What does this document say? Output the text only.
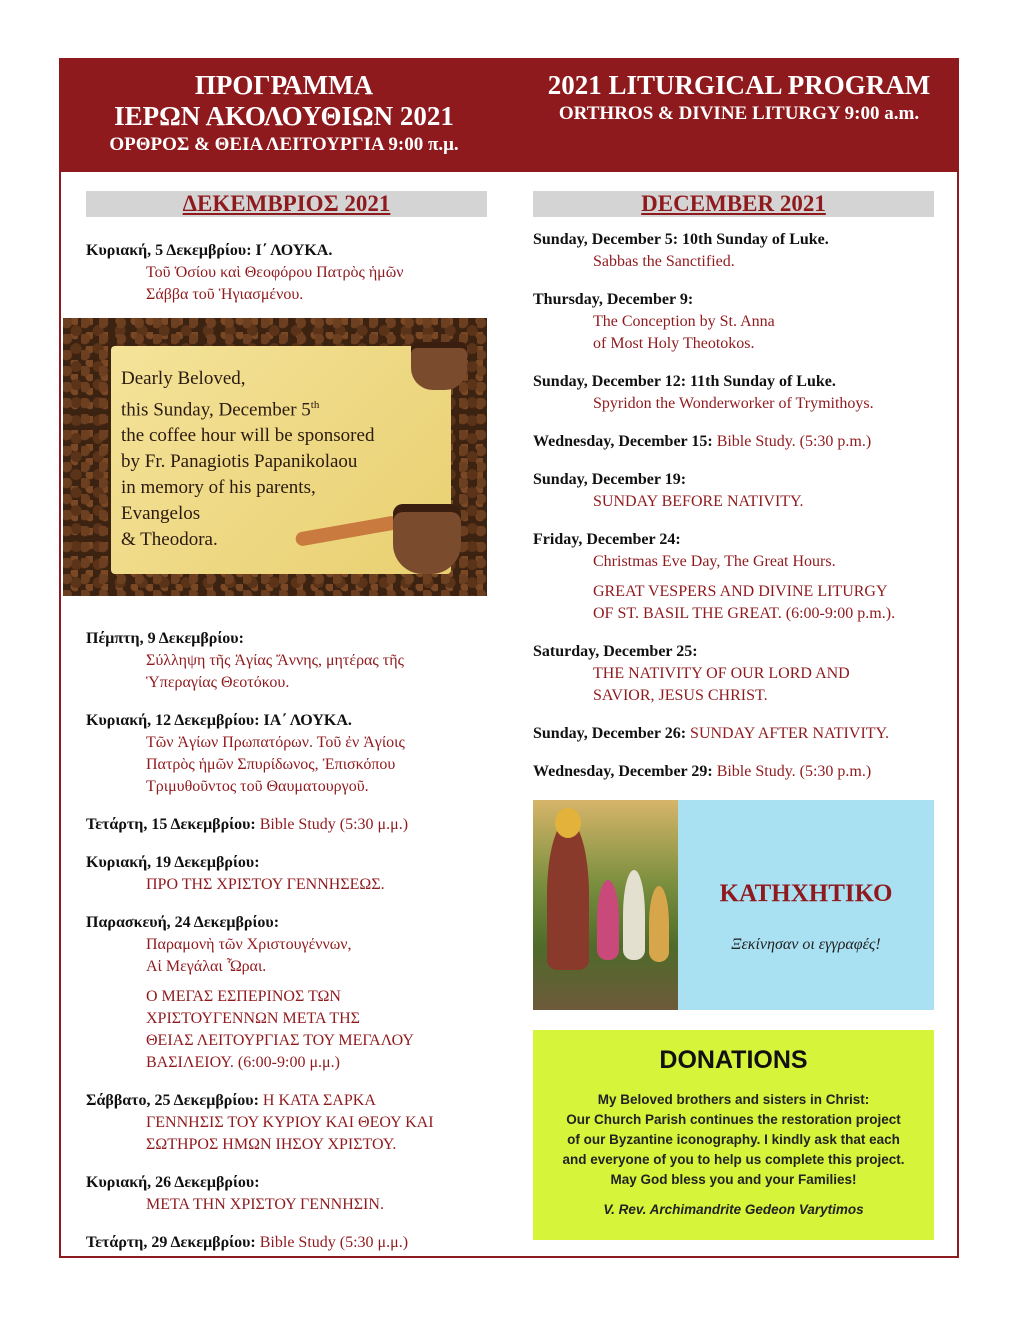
ΠΡΟΓΡΑΜΜΑ
ΙΕΡΩΝ ΑΚΟΛΟΥΘΙΩΝ 2021
ΟΡΘΡΟΣ & ΘΕΙΑ ΛΕΙΤΟΥΡΓΙΑ 9:00 π.μ.
2021 LITURGICAL PROGRAM
ORTHROS & DIVINE LITURGY 9:00 a.m.
ΔΕΚΕΜΒΡΙΟΣ 2021
Κυριακή, 5 Δεκεμβρίου: Ι΄ ΛΟΥΚΑ.
Τοῦ Ὁσίου καὶ Θεοφόρου Πατρὸς ἡμῶν
Σάββα τοῦ Ἡγιασμένου.
Dearly Beloved,
this Sunday, December 5th
the coffee hour will be sponsored
by Fr. Panagiotis Papanikolaou
in memory of his parents,
Evangelos
& Theodora.
Πέμπτη, 9 Δεκεμβρίου:
Σύλληψη τῆς Ἁγίας Ἄννης, μητέρας τῆς
Ὑπεραγίας Θεοτόκου.
Κυριακή, 12 Δεκεμβρίου: ΙΑ΄ ΛΟΥΚΑ.
Τῶν Ἁγίων Πρωπατόρων. Τοῦ ἐν Ἁγίοις
Πατρὸς ἡμῶν Σπυρίδωνος, Ἐπισκόπου
Τριμυθοῦντος τοῦ Θαυματουργοῦ.
Τετάρτη, 15 Δεκεμβρίου: Bible Study (5:30 μ.μ.)
Κυριακή, 19 Δεκεμβρίου:
ΠΡΟ ΤΗΣ ΧΡΙΣΤΟΥ ΓΕΝΝΗΣΕΩΣ.
Παρασκευή, 24 Δεκεμβρίου:
Παραμονὴ τῶν Χριστουγέννων,
Αἱ Μεγάλαι Ὧραι.
Ο ΜΕΓΑΣ ΕΣΠΕΡΙΝΟΣ ΤΩΝ
ΧΡΙΣΤΟΥΓΕΝΝΩΝ ΜΕΤΑ ΤΗΣ
ΘΕΙΑΣ ΛΕΙΤΟΥΡΓΙΑΣ ΤΟΥ ΜΕΓΑΛΟΥ
ΒΑΣΙΛΕΙΟΥ. (6:00-9:00 μ.μ.)
Σάββατο, 25 Δεκεμβρίου: Η ΚΑΤΑ ΣΑΡΚΑ
ΓΕΝΝΗΣΙΣ ΤΟΥ ΚΥΡΙΟΥ ΚΑΙ ΘΕΟΥ ΚΑΙ
ΣΩΤΗΡΟΣ ΗΜΩΝ ΙΗΣΟΥ ΧΡΙΣΤΟΥ.
Κυριακή, 26 Δεκεμβρίου:
ΜΕΤΑ ΤΗΝ ΧΡΙΣΤΟΥ ΓΕΝΝΗΣΙΝ.
Τετάρτη, 29 Δεκεμβρίου: Bible Study (5:30 μ.μ.)
DECEMBER 2021
Sunday, December 5: 10th Sunday of Luke.
Sabbas the Sanctified.
Thursday, December 9:
The Conception by St. Anna
of Most Holy Theotokos.
Sunday, December 12: 11th Sunday of Luke.
Spyridon the Wonderworker of Trymithoys.
Wednesday, December 15: Bible Study. (5:30 p.m.)
Sunday, December 19:
SUNDAY BEFORE NATIVITY.
Friday, December 24:
Christmas Eve Day, The Great Hours.
GREAT VESPERS AND DIVINE LITURGY
OF ST. BASIL THE GREAT. (6:00-9:00 p.m.).
Saturday, December 25:
THE NATIVITY OF OUR LORD AND
SAVIOR, JESUS CHRIST.
Sunday, December 26: SUNDAY AFTER NATIVITY.
Wednesday, December 29: Bible Study. (5:30 p.m.)
ΚΑΤΗΧΗΤΙΚΟ
Ξεκίνησαν οι εγγραφές!
DONATIONS
My Beloved brothers and sisters in Christ:
Our Church Parish continues the restoration project
of our Byzantine iconography. I kindly ask that each
and everyone of you to help us complete this project.
May God bless you and your Families!
V. Rev. Archimandrite Gedeon Varytimos
